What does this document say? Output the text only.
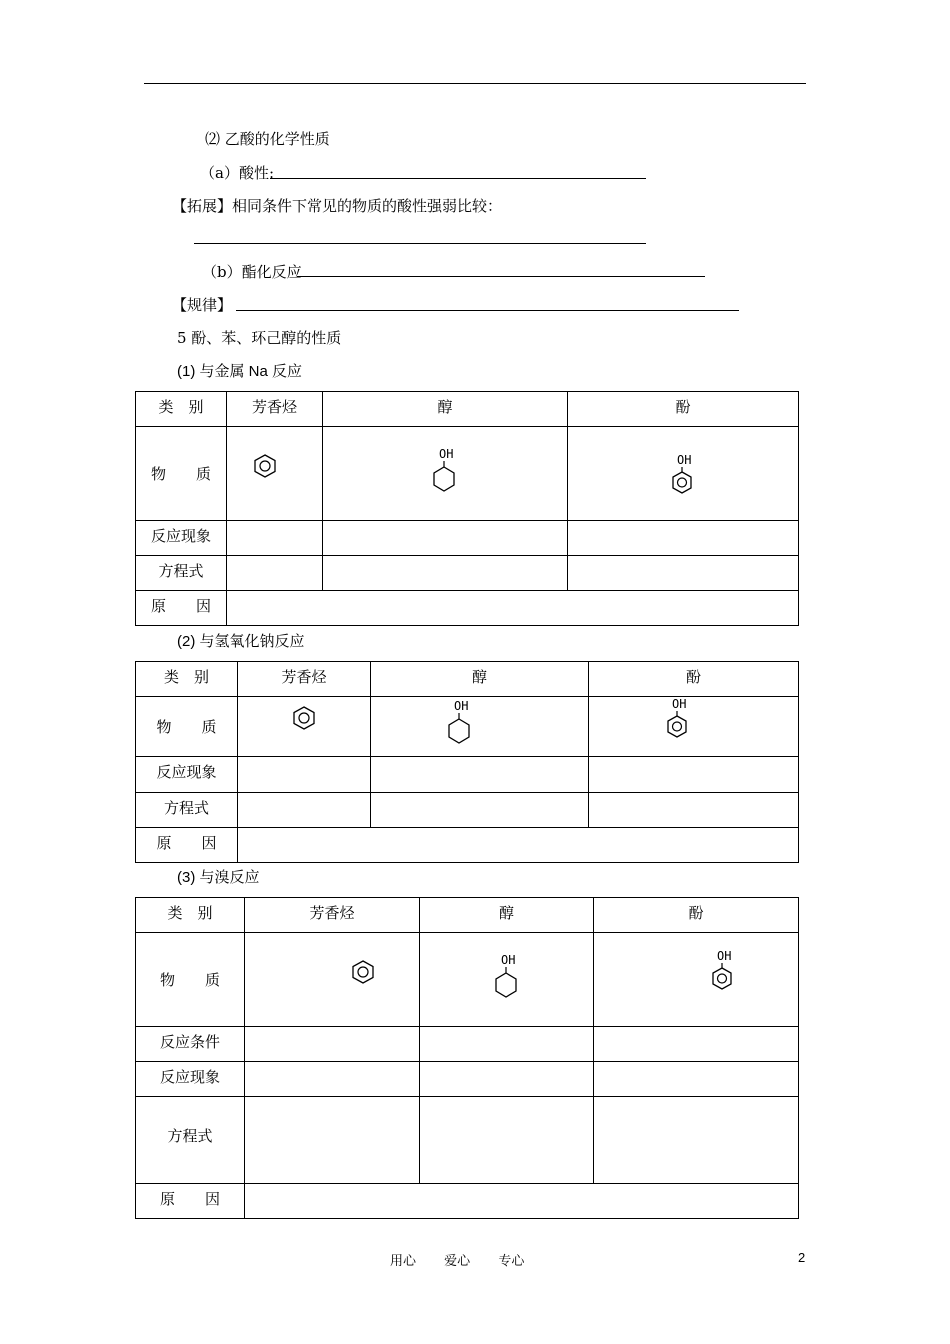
⑵ 乙酸的化学性质
（a）酸性:
【拓展】相同条件下常见的物质的酸性强弱比较：
（b）酯化反应
【规律】
5 酚、苯、环己醇的性质
(1) 与金属 Na 反应
类　别	芳香烃	醇	酚
物　　质		OH	OH

反应现象			
方程式			
原　　因			
(2) 与氢氧化钠反应
类　别	芳香烃	醇	酚
物　　质		OH	OH

反应现象			
方程式			
原　　因			
(3) 与溴反应
类　别	芳香烃	醇	酚
物　　质		OH	OH

反应条件			
反应现象			
方程式			
原　　因			
用心 爱心 专心	2
